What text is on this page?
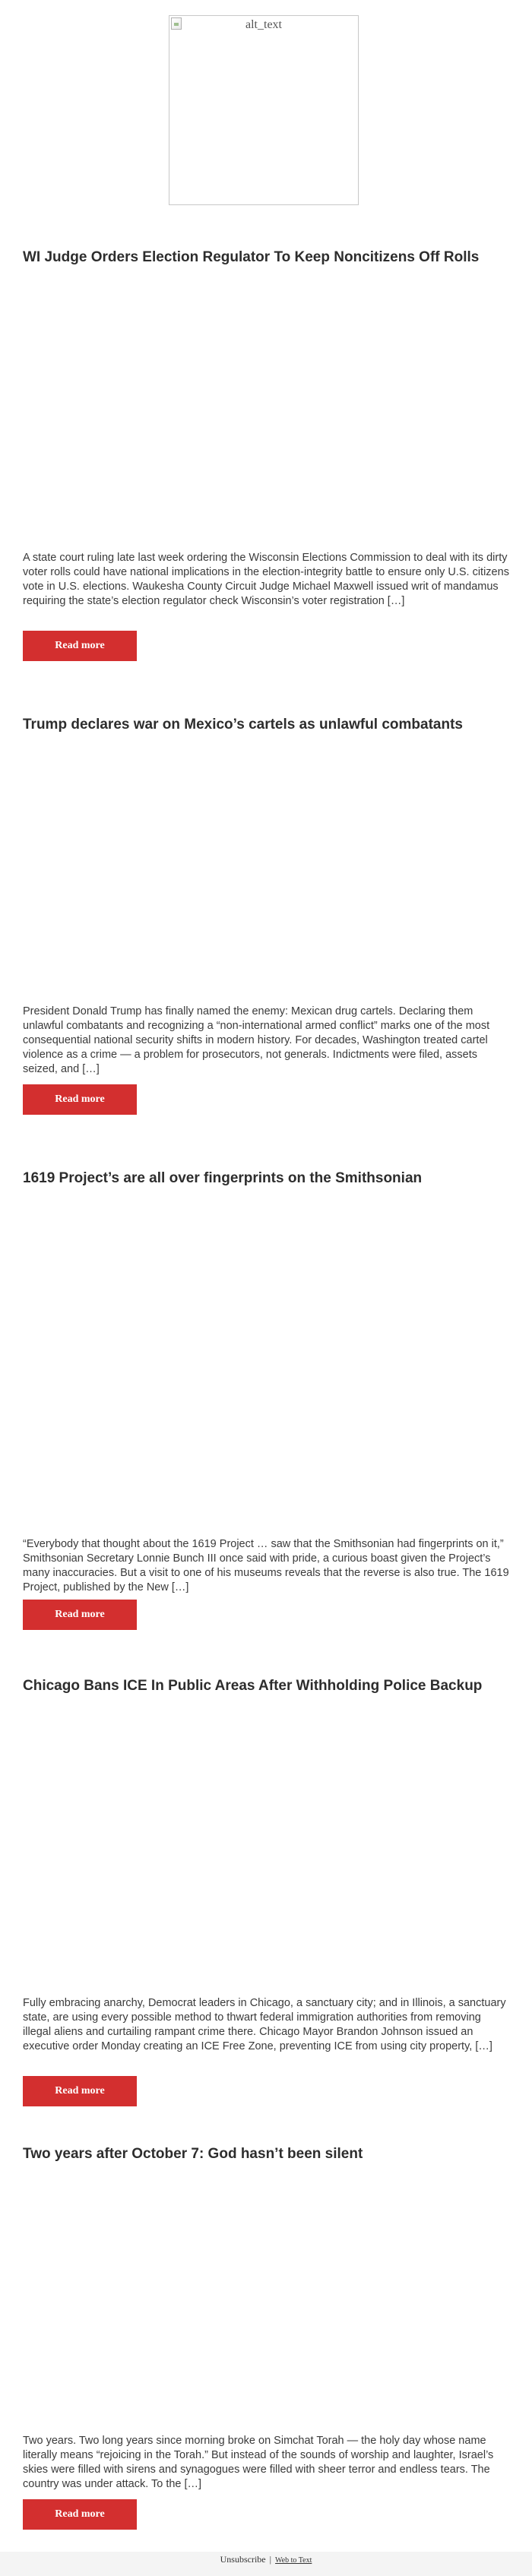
alt_text
WI Judge Orders Election Regulator To Keep Noncitizens Off Rolls

A state court ruling late last week ordering the Wisconsin Elections Commission to deal with its dirty voter rolls could have national implications in the election-integrity battle to ensure only U.S. citizens vote in U.S. elections. Waukesha County Circuit Judge Michael Maxwell issued writ of mandamus requiring the state’s election regulator check Wisconsin’s voter registration […]

Read more
Trump declares war on Mexico’s cartels as unlawful combatants

President Donald Trump has finally named the enemy: Mexican drug cartels. Declaring them unlawful combatants and recognizing a “non-international armed conflict” marks one of the most consequential national security shifts in modern history. For decades, Washington treated cartel violence as a crime — a problem for prosecutors, not generals. Indictments were filed, assets seized, and […]

Read more
1619 Project’s are all over fingerprints on the Smithsonian

“Everybody that thought about the 1619 Project … saw that the Smithsonian had fingerprints on it,” Smithsonian Secretary Lonnie Bunch III once said with pride, a curious boast given the Project’s many inaccuracies. But a visit to one of his museums reveals that the reverse is also true. The 1619 Project, published by the New […]

Read more
Chicago Bans ICE In Public Areas After Withholding Police Backup

Fully embracing anarchy, Democrat leaders in Chicago, a sanctuary city; and in Illinois, a sanctuary state, are using every possible method to thwart federal immigration authorities from removing illegal aliens and curtailing rampant crime there. Chicago Mayor Brandon Johnson issued an executive order Monday creating an ICE Free Zone, preventing ICE from using city property, […]

Read more
Two years after October 7: God hasn’t been silent

Two years. Two long years since morning broke on Simchat Torah — the holy day whose name literally means “rejoicing in the Torah.” But instead of the sounds of worship and laughter, Israel’s skies were filled with sirens and synagogues were filled with sheer terror and endless tears. The country was under attack. To the […]

Read more
Unsubscribe | Web to Text
